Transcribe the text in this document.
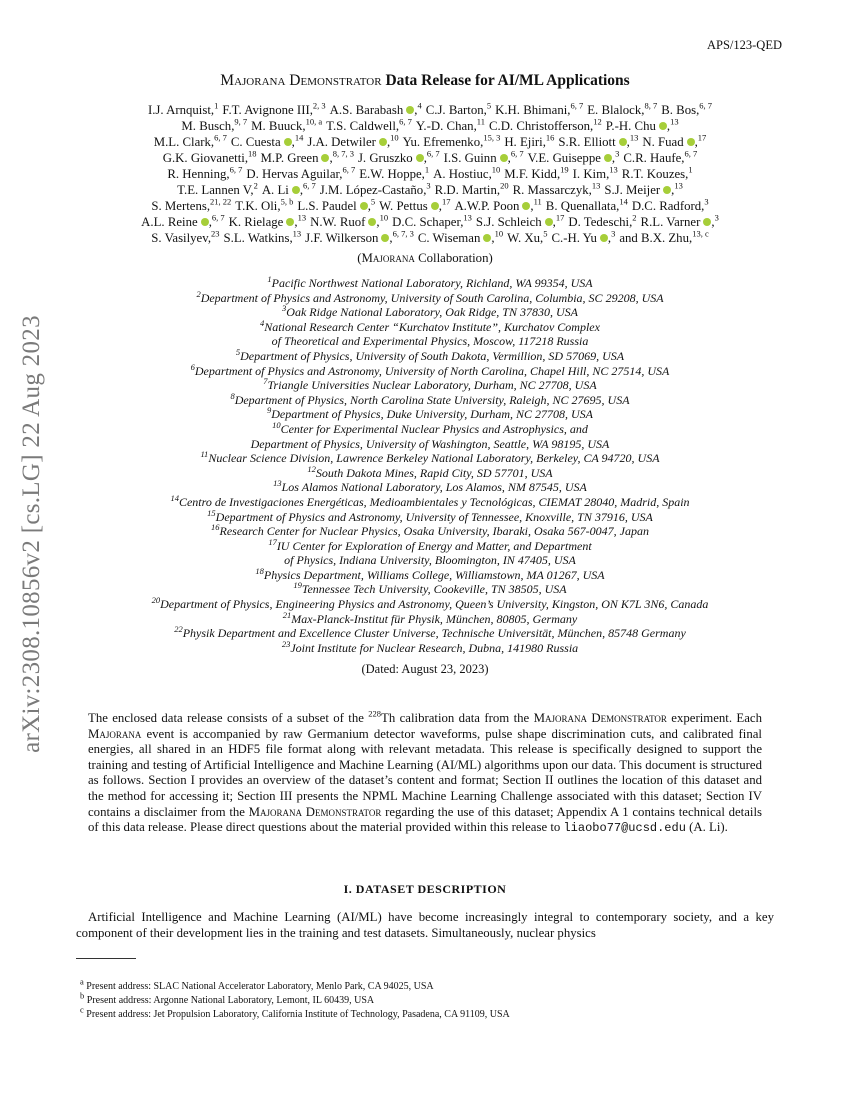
APS/123-QED
arXiv:2308.10856v2 [cs.LG] 22 Aug 2023
Majorana Demonstrator Data Release for AI/ML Applications
I.J. Arnquist,$^1$ F.T. Avignone III,$^{2, 3}$ A.S. Barabash ,$^4$ C.J. Barton,$^5$ K.H. Bhimani,$^{6, 7}$ E. Blalock,$^{8, 7}$ B. Bos,$^{6, 7}$
M. Busch,$^{9, 7}$ M. Buuck,$^{10, a}$ T.S. Caldwell,$^{6, 7}$ Y.-D. Chan,$^{11}$ C.D. Christofferson,$^{12}$ P.-H. Chu ,$^{13}$
M.L. Clark,$^{6, 7}$ C. Cuesta ,$^{14}$ J.A. Detwiler ,$^{10}$ Yu. Efremenko,$^{15, 3}$ H. Ejiri,$^{16}$ S.R. Elliott ,$^{13}$ N. Fuad ,$^{17}$
G.K. Giovanetti,$^{18}$ M.P. Green ,$^{8, 7, 3}$ J. Gruszko ,$^{6, 7}$ I.S. Guinn ,$^{6, 7}$ V.E. Guiseppe ,$^3$ C.R. Haufe,$^{6, 7}$
R. Henning,$^{6, 7}$ D. Hervas Aguilar,$^{6, 7}$ E.W. Hoppe,$^1$ A. Hostiuc,$^{10}$ M.F. Kidd,$^{19}$ I. Kim,$^{13}$ R.T. Kouzes,$^1$
T.E. Lannen V,$^2$ A. Li ,$^{6, 7}$ J.M. López-Castaño,$^3$ R.D. Martin,$^{20}$ R. Massarczyk,$^{13}$ S.J. Meijer ,$^{13}$
S. Mertens,$^{21, 22}$ T.K. Oli,$^{5, b}$ L.S. Paudel ,$^5$ W. Pettus ,$^{17}$ A.W.P. Poon ,$^{11}$ B. Quenallata,$^{14}$ D.C. Radford,$^3$
A.L. Reine ,$^{6, 7}$ K. Rielage ,$^{13}$ N.W. Ruof ,$^{10}$ D.C. Schaper,$^{13}$ S.J. Schleich ,$^{17}$ D. Tedeschi,$^2$ R.L. Varner ,$^3$
S. Vasilyev,$^{23}$ S.L. Watkins,$^{13}$ J.F. Wilkerson ,$^{6, 7, 3}$ C. Wiseman ,$^{10}$ W. Xu,$^5$ C.-H. Yu ,$^3$ and B.X. Zhu,$^{13, c}$
(Majorana Collaboration)
$^1$Pacific Northwest National Laboratory, Richland, WA 99354, USA
$^2$Department of Physics and Astronomy, University of South Carolina, Columbia, SC 29208, USA
$^3$Oak Ridge National Laboratory, Oak Ridge, TN 37830, USA
$^4$National Research Center “Kurchatov Institute”, Kurchatov Complex
of Theoretical and Experimental Physics, Moscow, 117218 Russia
$^5$Department of Physics, University of South Dakota, Vermillion, SD 57069, USA
$^6$Department of Physics and Astronomy, University of North Carolina, Chapel Hill, NC 27514, USA
$^7$Triangle Universities Nuclear Laboratory, Durham, NC 27708, USA
$^8$Department of Physics, North Carolina State University, Raleigh, NC 27695, USA
$^9$Department of Physics, Duke University, Durham, NC 27708, USA
$^{10}$Center for Experimental Nuclear Physics and Astrophysics, and
Department of Physics, University of Washington, Seattle, WA 98195, USA
$^{11}$Nuclear Science Division, Lawrence Berkeley National Laboratory, Berkeley, CA 94720, USA
$^{12}$South Dakota Mines, Rapid City, SD 57701, USA
$^{13}$Los Alamos National Laboratory, Los Alamos, NM 87545, USA
$^{14}$Centro de Investigaciones Energéticas, Medioambientales y Tecnológicas, CIEMAT 28040, Madrid, Spain
$^{15}$Department of Physics and Astronomy, University of Tennessee, Knoxville, TN 37916, USA
$^{16}$Research Center for Nuclear Physics, Osaka University, Ibaraki, Osaka 567-0047, Japan
$^{17}$IU Center for Exploration of Energy and Matter, and Department
of Physics, Indiana University, Bloomington, IN 47405, USA
$^{18}$Physics Department, Williams College, Williamstown, MA 01267, USA
$^{19}$Tennessee Tech University, Cookeville, TN 38505, USA
$^{20}$Department of Physics, Engineering Physics and Astronomy, Queen’s University, Kingston, ON K7L 3N6, Canada
$^{21}$Max-Planck-Institut für Physik, München, 80805, Germany
$^{22}$Physik Department and Excellence Cluster Universe, Technische Universität, München, 85748 Germany
$^{23}$Joint Institute for Nuclear Research, Dubna, 141980 Russia
(Dated: August 23, 2023)
The enclosed data release consists of a subset of the $^{228}$Th calibration data from the Majorana Demonstrator experiment. Each Majorana event is accompanied by raw Germanium detector waveforms, pulse shape discrimination cuts, and calibrated final energies, all shared in an HDF5 file format along with relevant metadata. This release is specifically designed to support the training and testing of Artificial Intelligence and Machine Learning (AI/ML) algorithms upon our data. This document is structured as follows. Section I provides an overview of the dataset’s content and format; Section II outlines the location of this dataset and the method for accessing it; Section III presents the NPML Machine Learning Challenge associated with this dataset; Section IV contains a disclaimer from the Majorana Demonstrator regarding the use of this dataset; Appendix A 1 contains technical details of this data release. Please direct questions about the material provided within this release to liaobo77@ucsd.edu (A. Li).
I. DATASET DESCRIPTION
Artificial Intelligence and Machine Learning (AI/ML) have become increasingly integral to contemporary society, and a key component of their development lies in the training and test datasets. Simultaneously, nuclear physics
$^a$ Present address: SLAC National Accelerator Laboratory, Menlo Park, CA 94025, USA
$^b$ Present address: Argonne National Laboratory, Lemont, IL 60439, USA
$^c$ Present address: Jet Propulsion Laboratory, California Institute of Technology, Pasadena, CA 91109, USA
